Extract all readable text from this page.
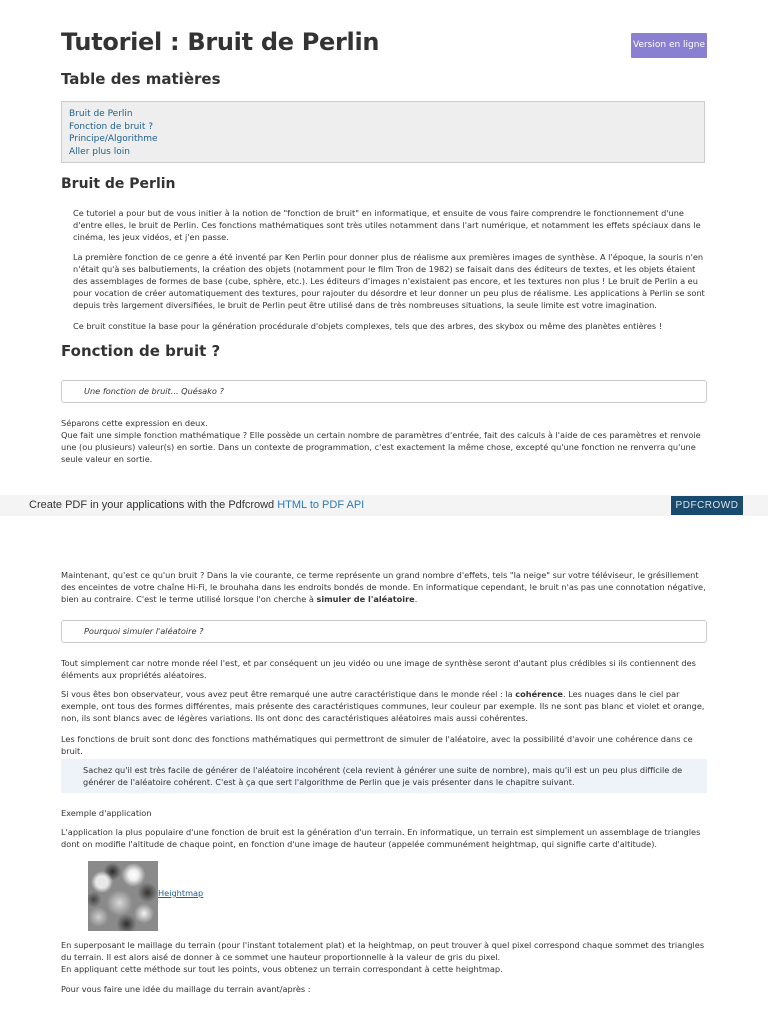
Tutoriel : Bruit de Perlin	Version en ligne
Table des matières
Bruit de Perlin
Fonction de bruit ?
Principe/Algorithme
Aller plus loin
Bruit de Perlin

Ce tutoriel a pour but de vous initier à la notion de "fonction de bruit" en informatique, et ensuite de vous faire comprendre le fonctionnement d'une d'entre elles, le bruit de Perlin. Ces fonctions mathématiques sont très utiles notamment dans l'art numérique, et notamment les effets spéciaux dans le cinéma, les jeux vidéos, et j'en passe.

La première fonction de ce genre a été inventé par Ken Perlin pour donner plus de réalisme aux premières images de synthèse. A l'époque, la souris n'en n'était qu'à ses balbutiements, la création des objets (notamment pour le film Tron de 1982) se faisait dans des éditeurs de textes, et les objets étaient des assemblages de formes de base (cube, sphère, etc.). Les éditeurs d'images n'existaient pas encore, et les textures non plus ! Le bruit de Perlin a eu pour vocation de créer automatiquement des textures, pour rajouter du désordre et leur donner un peu plus de réalisme. Les applications à Perlin se sont depuis très largement diversifiées, le bruit de Perlin peut être utilisé dans de très nombreuses situations, la seule limite est votre imagination.

Ce bruit constitue la base pour la génération procédurale d'objets complexes, tels que des arbres, des skybox ou même des planètes entières !

Fonction de bruit ?
Une fonction de bruit... Quésako ?

Séparons cette expression en deux.

Que fait une simple fonction mathématique ? Elle possède un certain nombre de paramètres d'entrée, fait des calculs à l'aide de ces paramètres et renvoie une (ou plusieurs) valeur(s) en sortie. Dans un contexte de programmation, c'est exactement la même chose, excepté qu'une fonction ne renverra qu'une seule valeur en sortie.

Create PDF in your applications with the Pdfcrowd HTML to PDF API	PDFCROWD

Maintenant, qu'est ce qu'un bruit ? Dans la vie courante, ce terme représente un grand nombre d'effets, tels "la neige" sur votre téléviseur, le grésillement des enceintes de votre chaîne Hi-Fi, le brouhaha dans les endroits bondés de monde. En informatique cependant, le bruit n'as pas une connotation négative, bien au contraire. C'est le terme utilisé lorsque l'on cherche à simuler de l'aléatoire.

Pourquoi simuler l'aléatoire ?

Tout simplement car notre monde réel l'est, et par conséquent un jeu vidéo ou une image de synthèse seront d'autant plus crédibles si ils contiennent des éléments aux propriétés aléatoires.

Si vous êtes bon observateur, vous avez peut être remarqué une autre caractéristique dans le monde réel : la cohérence. Les nuages dans le ciel par exemple, ont tous des formes différentes, mais présente des caractéristiques communes, leur couleur par exemple. Ils ne sont pas blanc et violet et orange, non, ils sont blancs avec de légères variations. Ils ont donc des caractéristiques aléatoires mais aussi cohérentes.

Les fonctions de bruit sont donc des fonctions mathématiques qui permettront de simuler de l'aléatoire, avec la possibilité d'avoir une cohérence dans ce bruit.

Sachez qu'il est très facile de générer de l'aléatoire incohérent (cela revient à générer une suite de nombre), mais qu'il est un peu plus difficile de générer de l'aléatoire cohérent. C'est à ça que sert l'algorithme de Perlin que je vais présenter dans le chapitre suivant.

Exemple d'application

L'application la plus populaire d'une fonction de bruit est la génération d'un terrain. En informatique, un terrain est simplement un assemblage de triangles dont on modifie l'altitude de chaque point, en fonction d'une image de hauteur (appelée communément heightmap, qui signifie carte d'altitude).

Heightmap

En superposant le maillage du terrain (pour l'instant totalement plat) et la heightmap, on peut trouver à quel pixel correspond chaque sommet des triangles du terrain. Il est alors aisé de donner à ce sommet une hauteur proportionnelle à la valeur de gris du pixel.

En appliquant cette méthode sur tout les points, vous obtenez un terrain correspondant à cette heightmap.

Pour vous faire une idée du maillage du terrain avant/après :
